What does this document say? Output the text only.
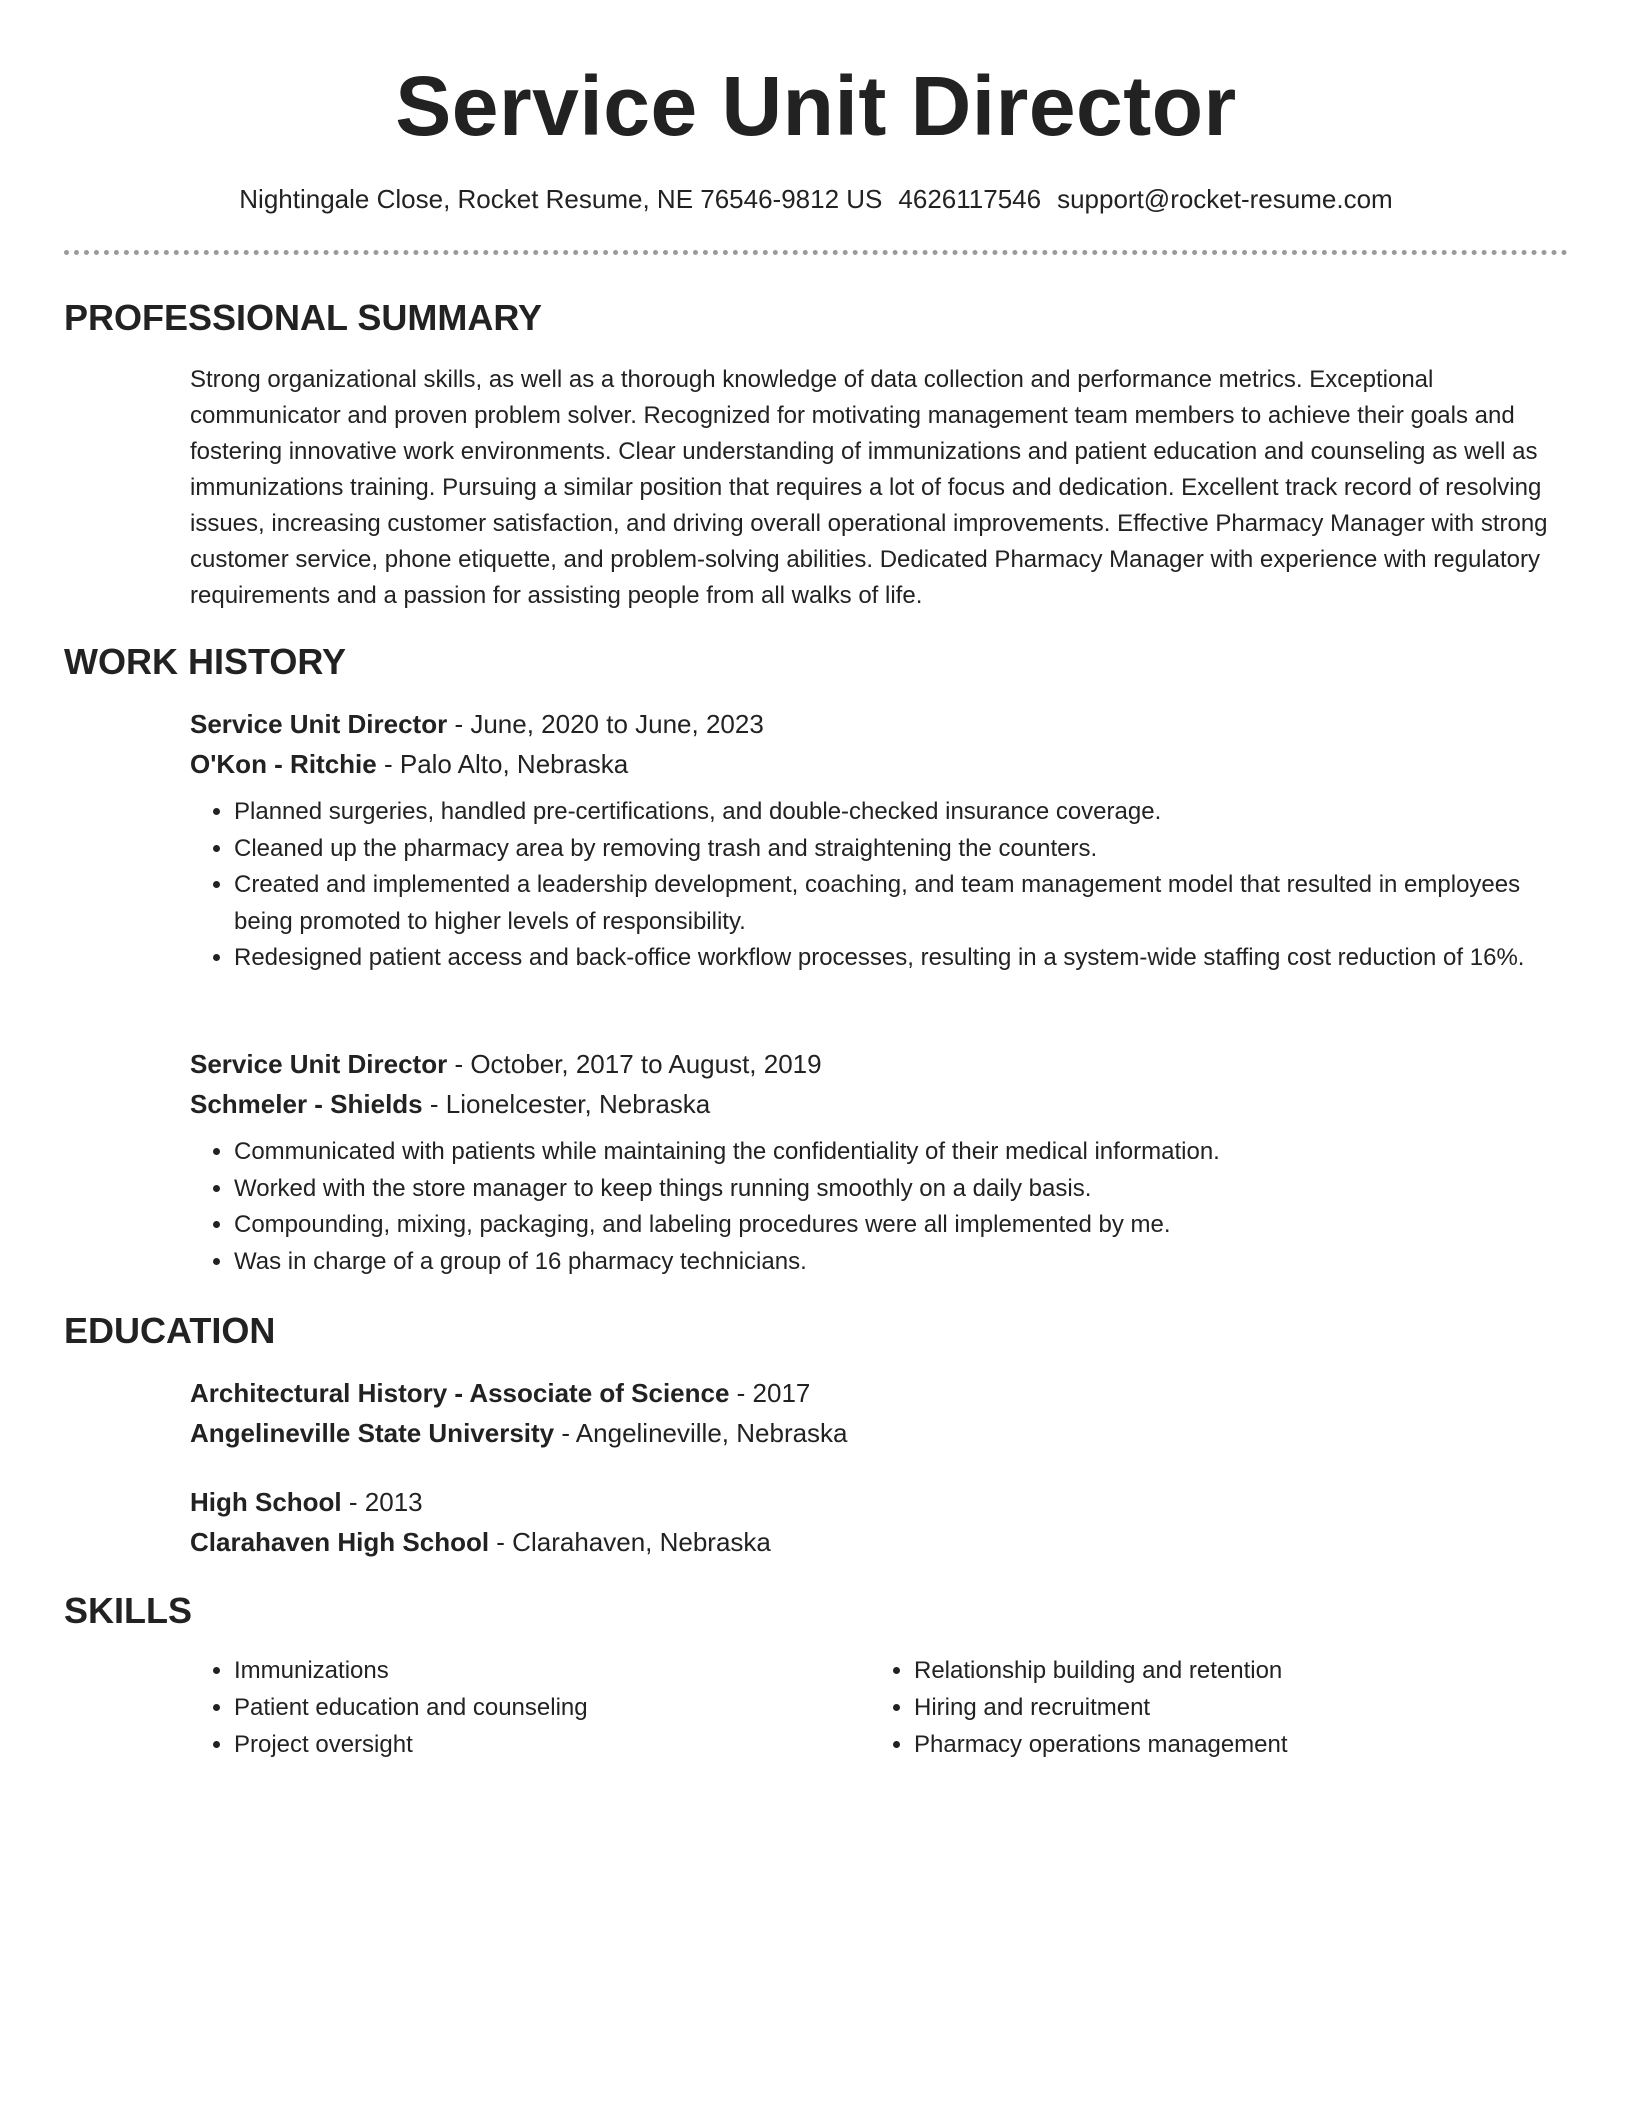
Service Unit Director
Nightingale Close, Rocket Resume, NE 76546-9812 US 4626117546 support@rocket-resume.com
PROFESSIONAL SUMMARY

Strong organizational skills, as well as a thorough knowledge of data collection and performance metrics. Exceptional communicator and proven problem solver. Recognized for motivating management team members to achieve their goals and fostering innovative work environments. Clear understanding of immunizations and patient education and counseling as well as immunizations training. Pursuing a similar position that requires a lot of focus and dedication. Excellent track record of resolving issues, increasing customer satisfaction, and driving overall operational improvements. Effective Pharmacy Manager with strong customer service, phone etiquette, and problem-solving abilities. Dedicated Pharmacy Manager with experience with regulatory requirements and a passion for assisting people from all walks of life.

WORK HISTORY
Service Unit Director - June, 2020 to June, 2023
O'Kon - Ritchie - Palo Alto, Nebraska
• Planned surgeries, handled pre-certifications, and double-checked insurance coverage.
• Cleaned up the pharmacy area by removing trash and straightening the counters.
• Created and implemented a leadership development, coaching, and team management model that resulted in employees being promoted to higher levels of responsibility.
• Redesigned patient access and back-office workflow processes, resulting in a system-wide staffing cost reduction of 16%.
Service Unit Director - October, 2017 to August, 2019
Schmeler - Shields - Lionelcester, Nebraska
• Communicated with patients while maintaining the confidentiality of their medical information.
• Worked with the store manager to keep things running smoothly on a daily basis.
• Compounding, mixing, packaging, and labeling procedures were all implemented by me.
• Was in charge of a group of 16 pharmacy technicians.
EDUCATION
Architectural History - Associate of Science - 2017
Angelineville State University - Angelineville, Nebraska
High School - 2013
Clarahaven High School - Clarahaven, Nebraska
SKILLS
• Immunizations
• Patient education and counseling
• Project oversight
• Relationship building and retention
• Hiring and recruitment
• Pharmacy operations management
